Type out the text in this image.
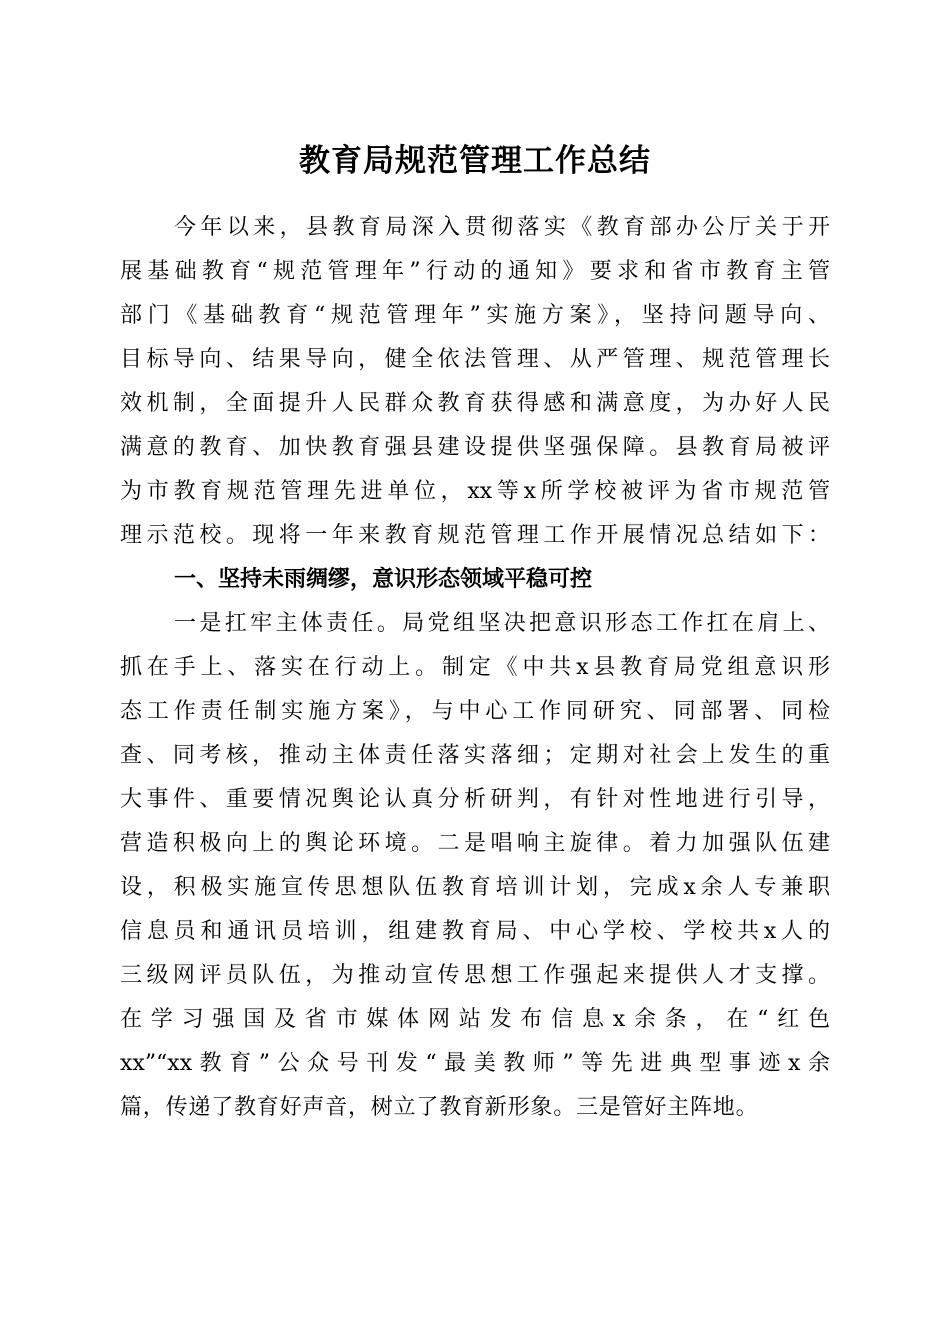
教育局规范管理工作总结

今年以来，县教育局深入贯彻落实《教育部办公厅关于开

展基础教育“规范管理年”行动的通知》要求和省市教育主管

部门《基础教育“规范管理年”实施方案》，坚持问题导向、

目标导向、结果导向，健全依法管理、从严管理、规范管理长

效机制，全面提升人民群众教育获得感和满意度，为办好人民

满意的教育、加快教育强县建设提供坚强保障。县教育局被评

为市教育规范管理先进单位，xx等x所学校被评为省市规范管

理示范校。现将一年来教育规范管理工作开展情况总结如下：

一、坚持未雨绸缪，意识形态领域平稳可控

一是扛牢主体责任。局党组坚决把意识形态工作扛在肩上、

抓在手上、落实在行动上。制定《中共x县教育局党组意识形

态工作责任制实施方案》，与中心工作同研究、同部署、同检

查、同考核，推动主体责任落实落细；定期对社会上发生的重

大事件、重要情况舆论认真分析研判，有针对性地进行引导，

营造积极向上的舆论环境。二是唱响主旋律。着力加强队伍建

设，积极实施宣传思想队伍教育培训计划，完成x余人专兼职

信息员和通讯员培训，组建教育局、中心学校、学校共x人的

三级网评员队伍，为推动宣传思想工作强起来提供人才支撑。

在学习强国及省市媒体网站发布信息x余条，在“红色

xx”“xx教育”公众号刊发“最美教师”等先进典型事迹x余

篇，传递了教育好声音，树立了教育新形象。三是管好主阵地。
